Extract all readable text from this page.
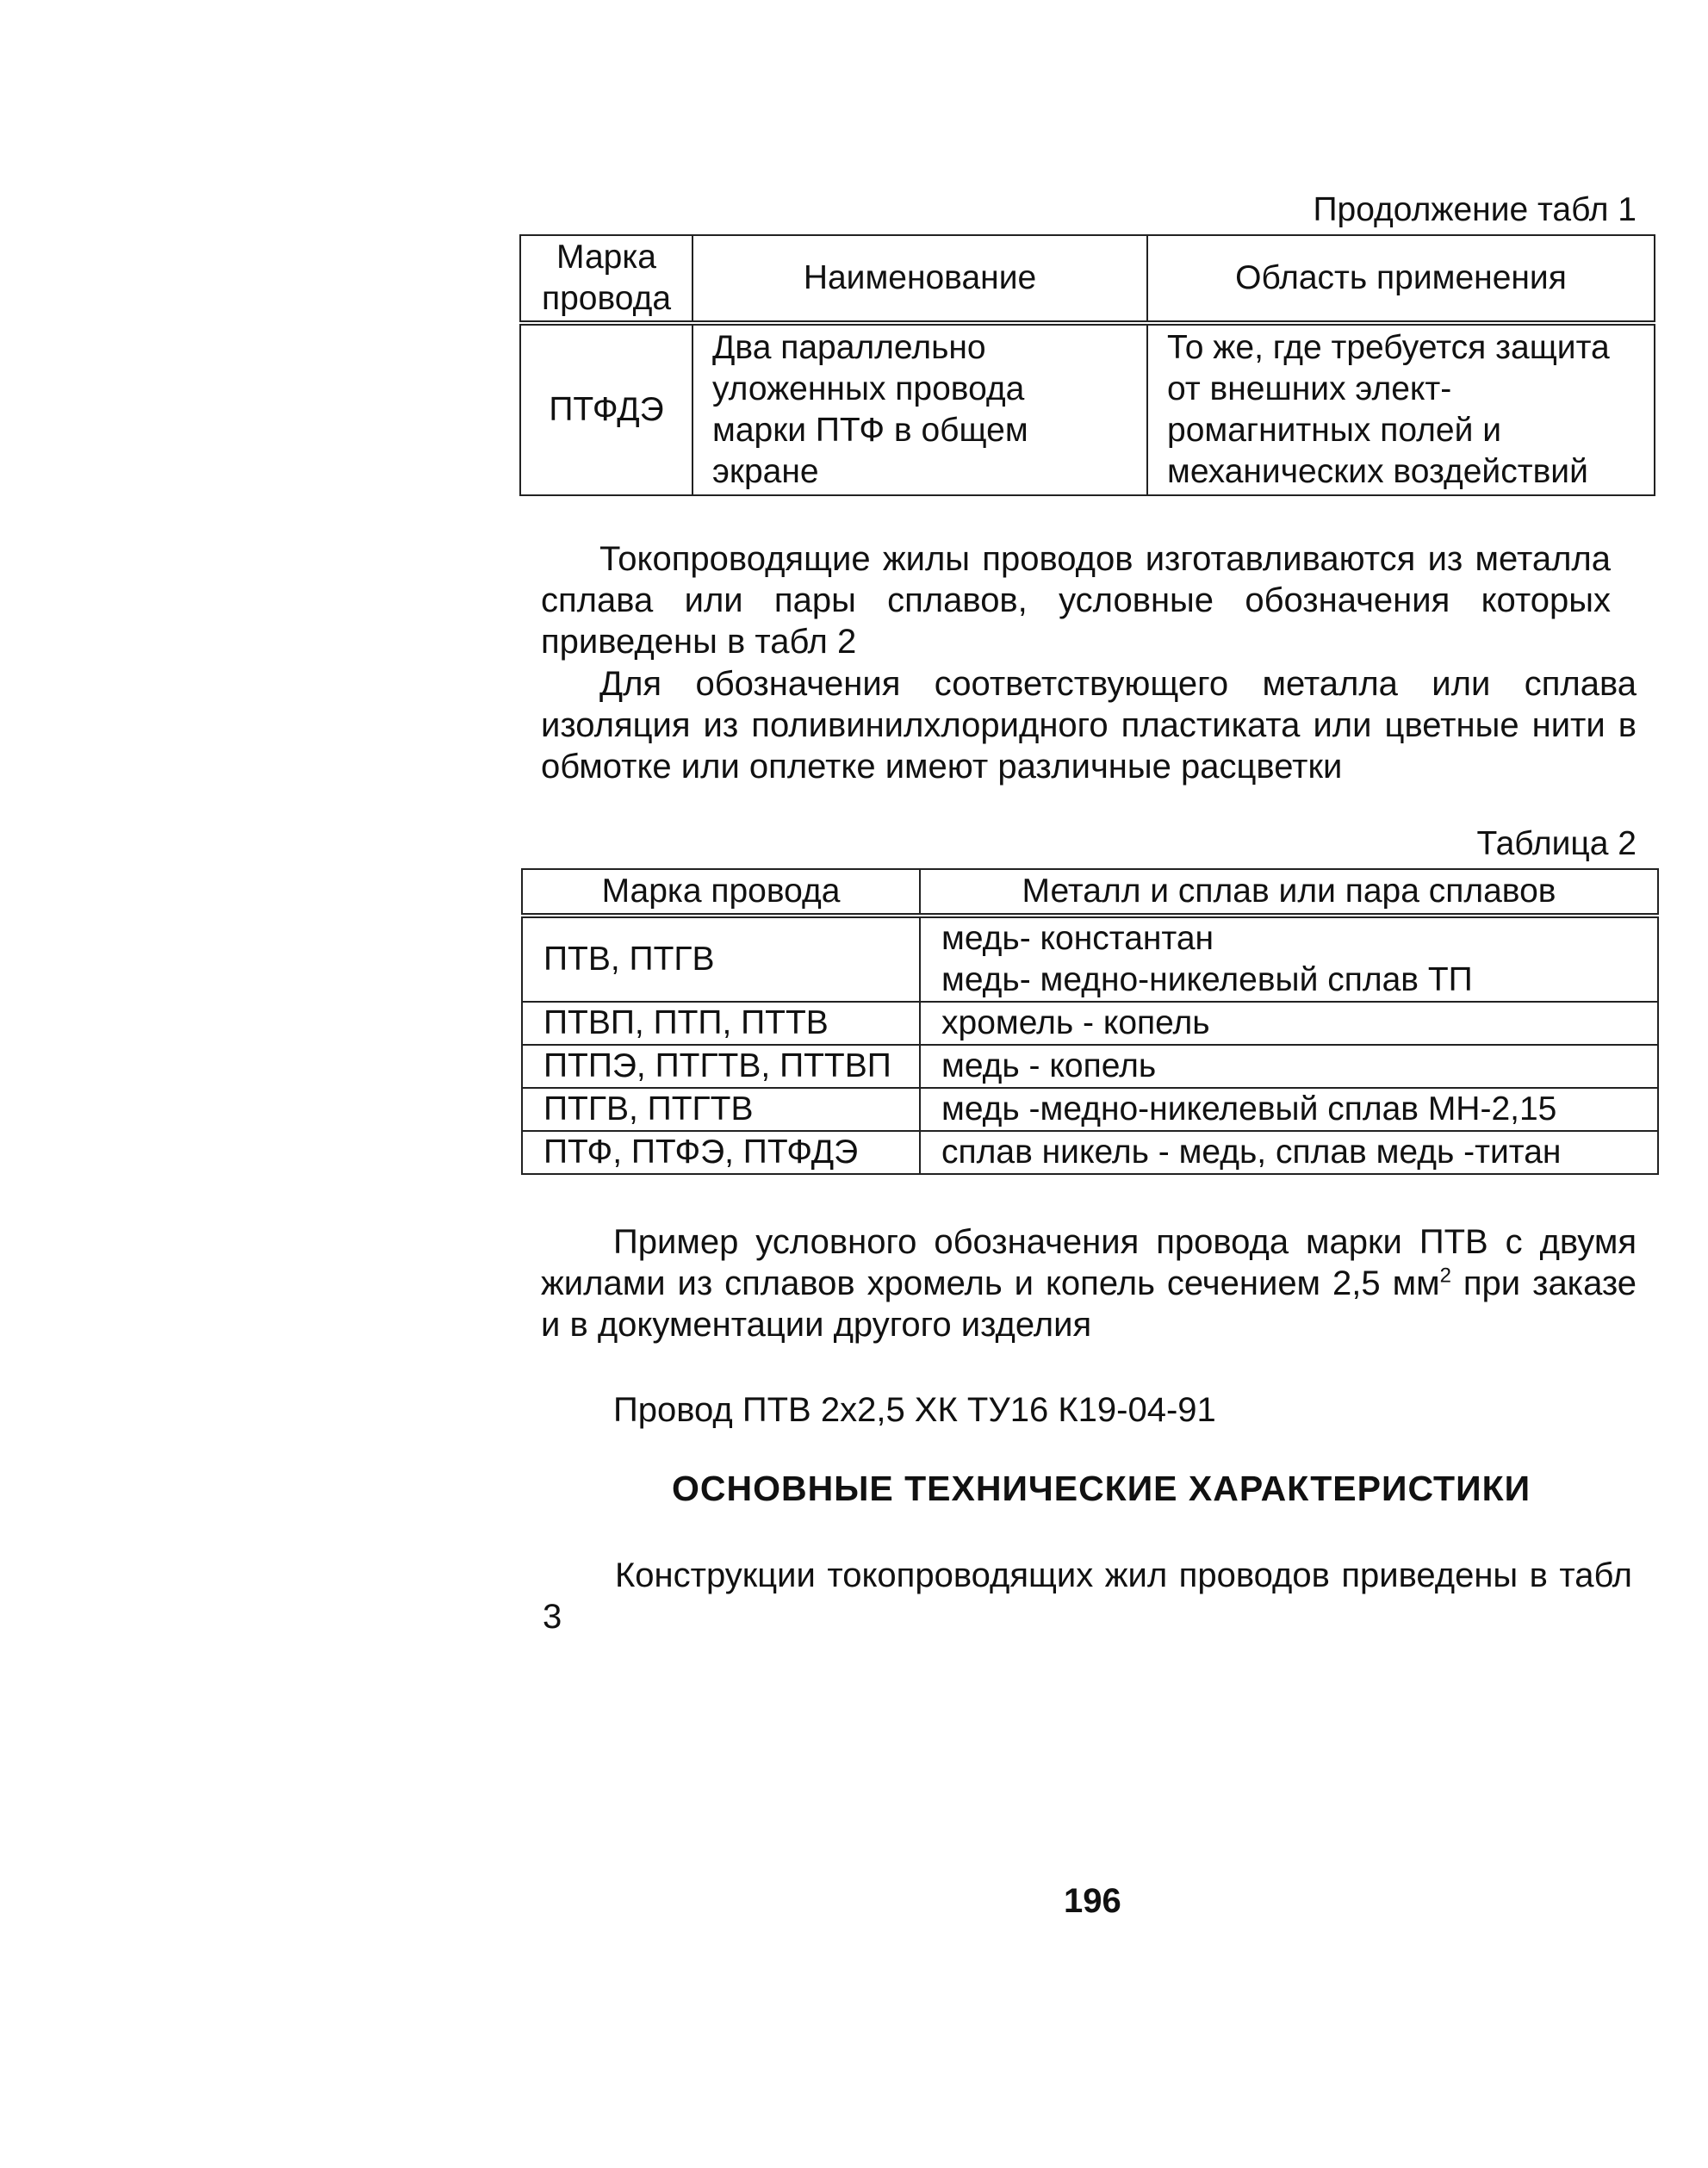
Продолжение табл 1
Марка провода	Наименование	Область применения
ПТФДЭ	Два параллельно уложенных провода марки ПТФ в общем экране	То же, где требуется защита от внешних элект-ромагнитных полей и механических воздействий
Токопроводящие жилы проводов изготавливаются из металла сплава или пары сплавов, условные обозначения которых приведены в табл 2
Для обозначения соответствующего металла или сплава изоляция из поливинилхлоридного пластиката или цветные нити в обмотке или оплетке имеют различные расцветки
Таблица 2
Марка провода	Металл и сплав или пара сплавов
ПТВ, ПТГВ	медь- константан
медь- медно-никелевый сплав ТП
ПТВП, ПТП, ПТТВ	хромель - копель
ПТПЭ, ПТГТВ, ПТТВП	медь - копель
ПТГВ, ПТГТВ	медь -медно-никелевый сплав МН-2,15
ПТФ, ПТФЭ, ПТФДЭ	сплав никель - медь, сплав медь -титан
Пример условного обозначения провода марки ПТВ с двумя жилами из сплавов хромель и копель сечением 2,5 $мм^2$ при заказе и в документации другого изделия
Провод ПТВ 2х2,5 ХК ТУ16 К19-04-91
ОСНОВНЫЕ ТЕХНИЧЕСКИЕ ХАРАКТЕРИСТИКИ
Конструкции токопроводящих жил проводов приведены в табл 3
196
